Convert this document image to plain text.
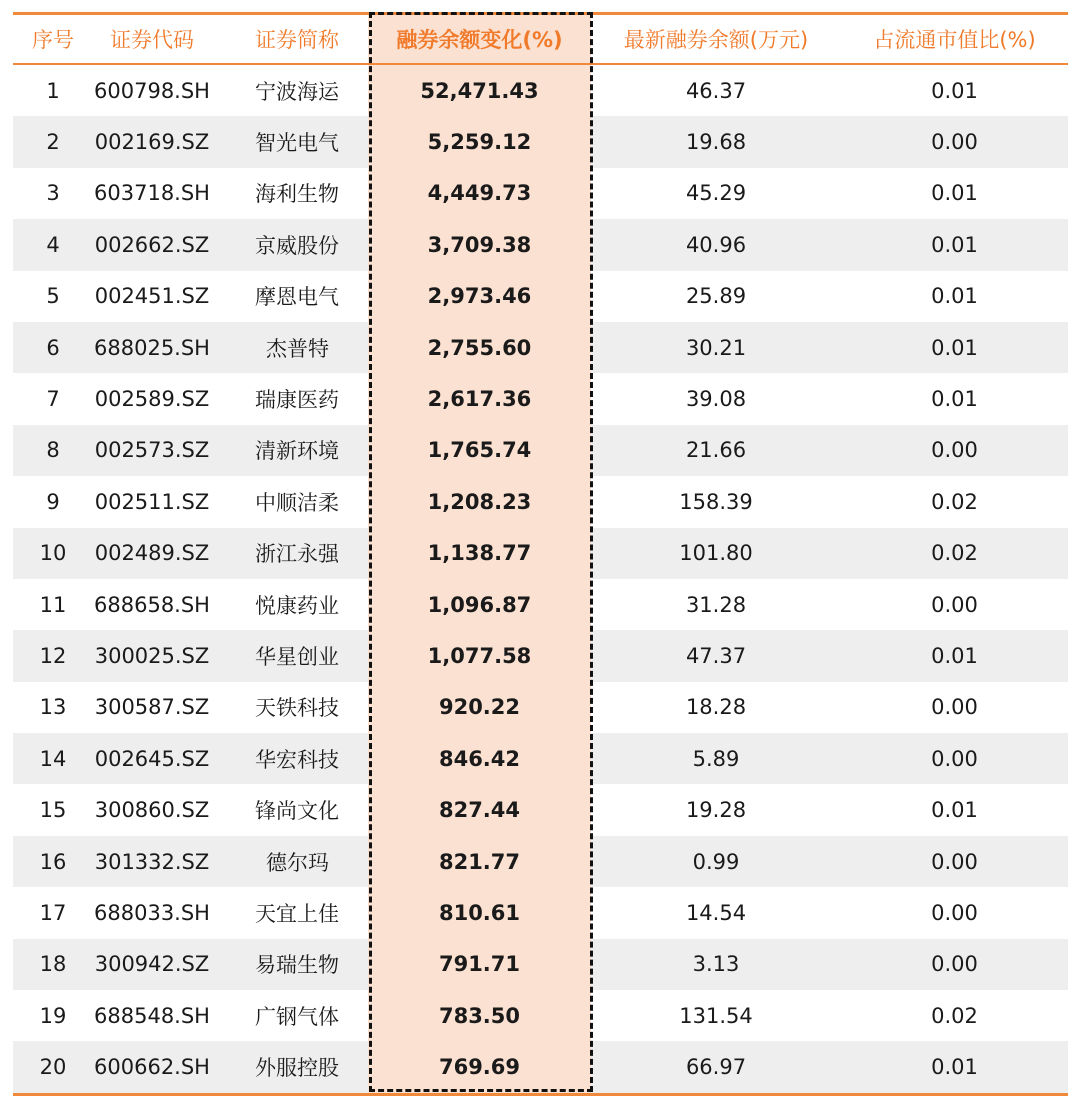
序号	证券代码	证券简称	融券余额变化(%)	最新融券余额(万元)	占流通市值比(%)
1	600798.SH	宁波海运	52,471.43	46.37	0.01
2	002169.SZ	智光电气	5,259.12	19.68	0.00
3	603718.SH	海利生物	4,449.73	45.29	0.01
4	002662.SZ	京威股份	3,709.38	40.96	0.01
5	002451.SZ	摩恩电气	2,973.46	25.89	0.01
6	688025.SH	杰普特	2,755.60	30.21	0.01
7	002589.SZ	瑞康医药	2,617.36	39.08	0.01
8	002573.SZ	清新环境	1,765.74	21.66	0.00
9	002511.SZ	中顺洁柔	1,208.23	158.39	0.02
10	002489.SZ	浙江永强	1,138.77	101.80	0.02
11	688658.SH	悦康药业	1,096.87	31.28	0.00
12	300025.SZ	华星创业	1,077.58	47.37	0.01
13	300587.SZ	天铁科技	920.22	18.28	0.00
14	002645.SZ	华宏科技	846.42	5.89	0.00
15	300860.SZ	锋尚文化	827.44	19.28	0.01
16	301332.SZ	德尔玛	821.77	0.99	0.00
17	688033.SH	天宜上佳	810.61	14.54	0.00
18	300942.SZ	易瑞生物	791.71	3.13	0.00
19	688548.SH	广钢气体	783.50	131.54	0.02
20	600662.SH	外服控股	769.69	66.97	0.01
